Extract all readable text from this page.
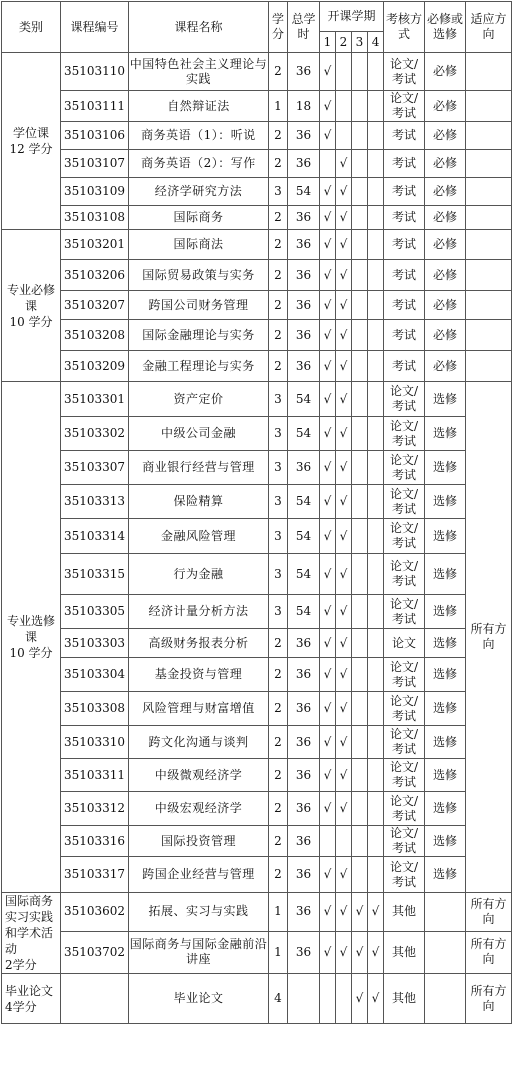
类别	课程编号	课程名称	学分	总学时	开课学期				考核方式	必修或选修	适应方向
					1	2	3	4			
学位课
12 学分	35103110	中国特色社会主义理论与实践	2	36	√				论文/考试	必修	
	35103111	自然辩证法	1	18	√				论文/考试	必修	
	35103106	商务英语（1）：听说	2	36	√				考试	必修	
	35103107	商务英语（2）：写作	2	36		√			考试	必修	
	35103109	经济学研究方法	3	54	√	√			考试	必修	
	35103108	国际商务	2	36	√	√			考试	必修	
专业必修课
10 学分	35103201	国际商法	2	36	√	√			考试	必修	
	35103206	国际贸易政策与实务	2	36	√	√			考试	必修	
	35103207	跨国公司财务管理	2	36	√	√			考试	必修	
	35103208	国际金融理论与实务	2	36	√	√			考试	必修	
	35103209	金融工程理论与实务	2	36	√	√			考试	必修	
专业选修课
10 学分	35103301	资产定价	3	54	√	√			论文/考试	选修	所有方向
	35103302	中级公司金融	3	54	√	√			论文/考试	选修	
	35103307	商业银行经营与管理	3	36	√	√			论文/考试	选修	
	35103313	保险精算	3	54	√	√			论文/考试	选修	
	35103314	金融风险管理	3	54	√	√			论文/考试	选修	
	35103315	行为金融	3	54	√	√			论文/考试	选修	
	35103305	经济计量分析方法	3	54	√	√			论文/考试	选修	
	35103303	高级财务报表分析	2	36	√	√			论文	选修	
	35103304	基金投资与管理	2	36	√	√			论文/考试	选修	
	35103308	风险管理与财富增值	2	36	√	√			论文/考试	选修	
	35103310	跨文化沟通与谈判	2	36	√	√			论文/考试	选修	
	35103311	中级微观经济学	2	36	√	√			论文/考试	选修	
	35103312	中级宏观经济学	2	36	√	√			论文/考试	选修	
	35103316	国际投资管理	2	36					论文/考试	选修	
	35103317	跨国企业经营与管理	2	36	√	√			论文/考试	选修	
国际商务实习实践和学术活动
2学分	35103602	拓展、实习与实践	1	36	√	√	√	√	其他		所有方向
	35103702	国际商务与国际金融前沿讲座	1	36	√	√	√	√	其他		所有方向
毕业论文
4学分		毕业论文	4				√	√	其他		所有方向
